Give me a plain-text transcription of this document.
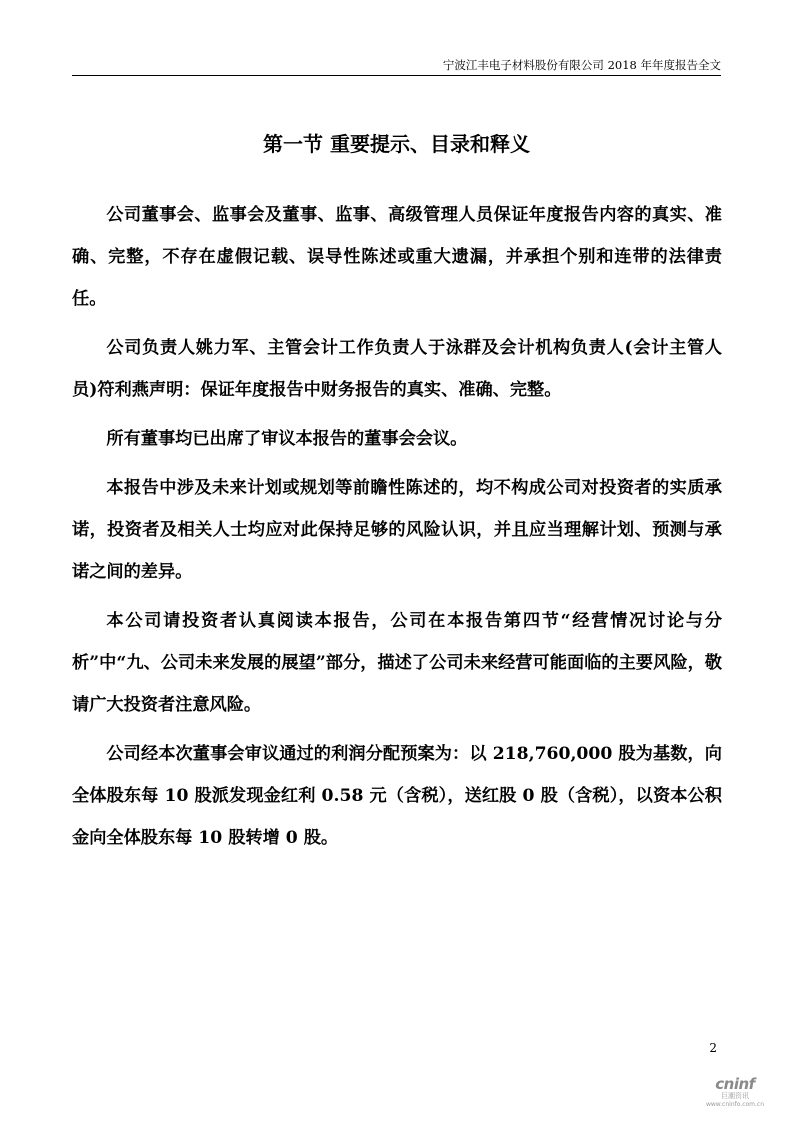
宁波江丰电子材料股份有限公司 2018 年年度报告全文
第一节 重要提示、目录和释义

公司董事会、监事会及董事、监事、高级管理人员保证年度报告内容的真实、准确、完整，不存在虚假记载、误导性陈述或重大遗漏，并承担个别和连带的法律责任。

公司负责人姚力军、主管会计工作负责人于泳群及会计机构负责人(会计主管人员)符利燕声明：保证年度报告中财务报告的真实、准确、完整。

所有董事均已出席了审议本报告的董事会会议。

本报告中涉及未来计划或规划等前瞻性陈述的，均不构成公司对投资者的实质承诺，投资者及相关人士均应对此保持足够的风险认识，并且应当理解计划、预测与承诺之间的差异。

本公司请投资者认真阅读本报告，公司在本报告第四节“经营情况讨论与分析”中“九、公司未来发展的展望”部分，描述了公司未来经营可能面临的主要风险，敬请广大投资者注意风险。

公司经本次董事会审议通过的利润分配预案为：以 218,760,000 股为基数，向全体股东每 10 股派发现金红利 0.58 元（含税），送红股 0 股（含税），以资本公积金向全体股东每 10 股转增 0 股。

2
cninf
巨潮资讯
www.cninfo.com.cn
